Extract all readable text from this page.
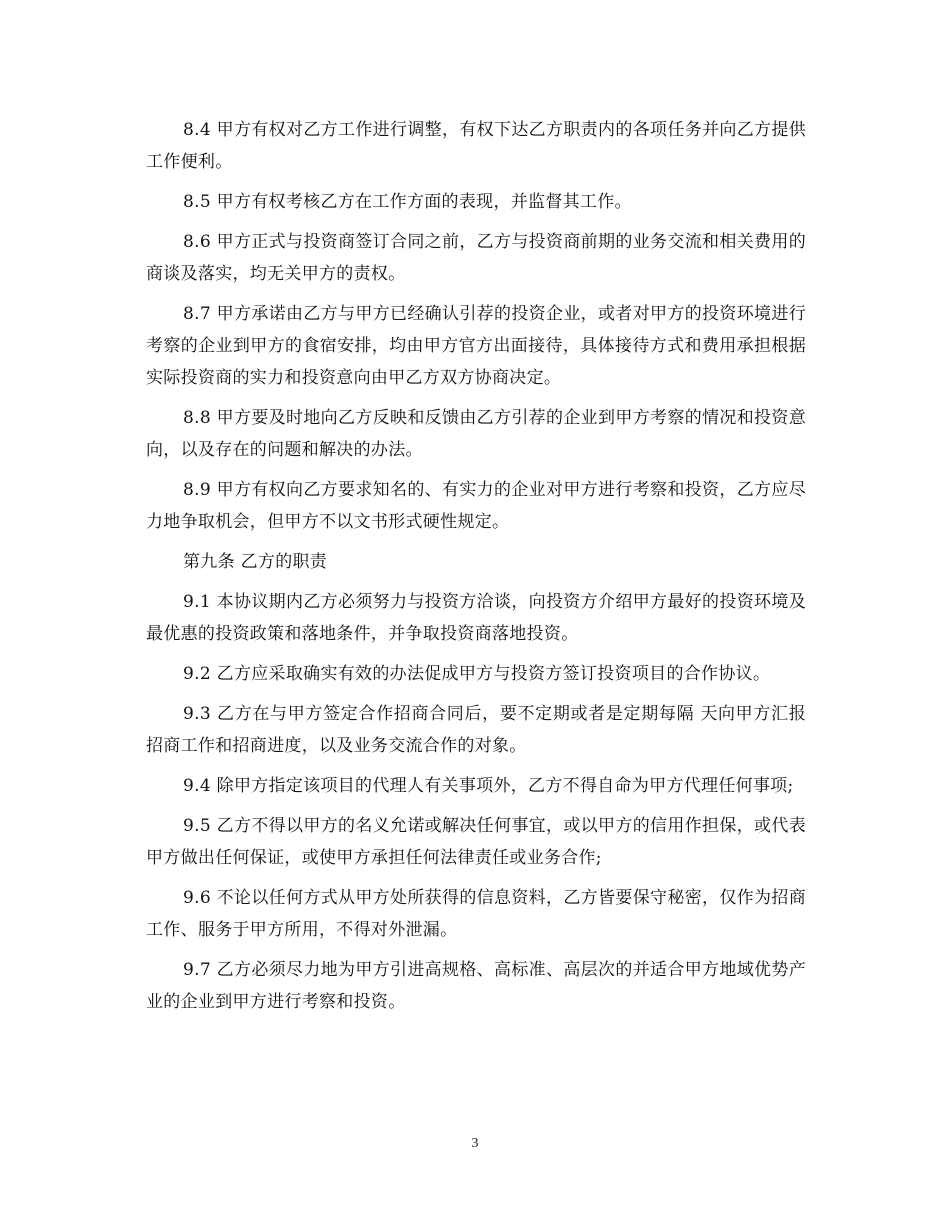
8.4 甲方有权对乙方工作进行调整，有权下达乙方职责内的各项任务并向乙方提供工作便利。

8.5 甲方有权考核乙方在工作方面的表现，并监督其工作。

8.6 甲方正式与投资商签订合同之前，乙方与投资商前期的业务交流和相关费用的商谈及落实，均无关甲方的责权。

8.7 甲方承诺由乙方与甲方已经确认引荐的投资企业，或者对甲方的投资环境进行考察的企业到甲方的食宿安排，均由甲方官方出面接待，具体接待方式和费用承担根据实际投资商的实力和投资意向由甲乙方双方协商决定。

8.8 甲方要及时地向乙方反映和反馈由乙方引荐的企业到甲方考察的情况和投资意向，以及存在的问题和解决的办法。

8.9 甲方有权向乙方要求知名的、有实力的企业对甲方进行考察和投资，乙方应尽力地争取机会，但甲方不以文书形式硬性规定。

第九条 乙方的职责

9.1 本协议期内乙方必须努力与投资方洽谈，向投资方介绍甲方最好的投资环境及最优惠的投资政策和落地条件，并争取投资商落地投资。

9.2 乙方应采取确实有效的办法促成甲方与投资方签订投资项目的合作协议。

9.3 乙方在与甲方签定合作招商合同后，要不定期或者是定期每隔 天向甲方汇报招商工作和招商进度，以及业务交流合作的对象。

9.4 除甲方指定该项目的代理人有关事项外，乙方不得自命为甲方代理任何事项;

9.5 乙方不得以甲方的名义允诺或解决任何事宜，或以甲方的信用作担保，或代表甲方做出任何保证，或使甲方承担任何法律责任或业务合作;

9.6 不论以任何方式从甲方处所获得的信息资料，乙方皆要保守秘密，仅作为招商工作、服务于甲方所用，不得对外泄漏。

9.7 乙方必须尽力地为甲方引进高规格、高标准、高层次的并适合甲方地域优势产业的企业到甲方进行考察和投资。

3
